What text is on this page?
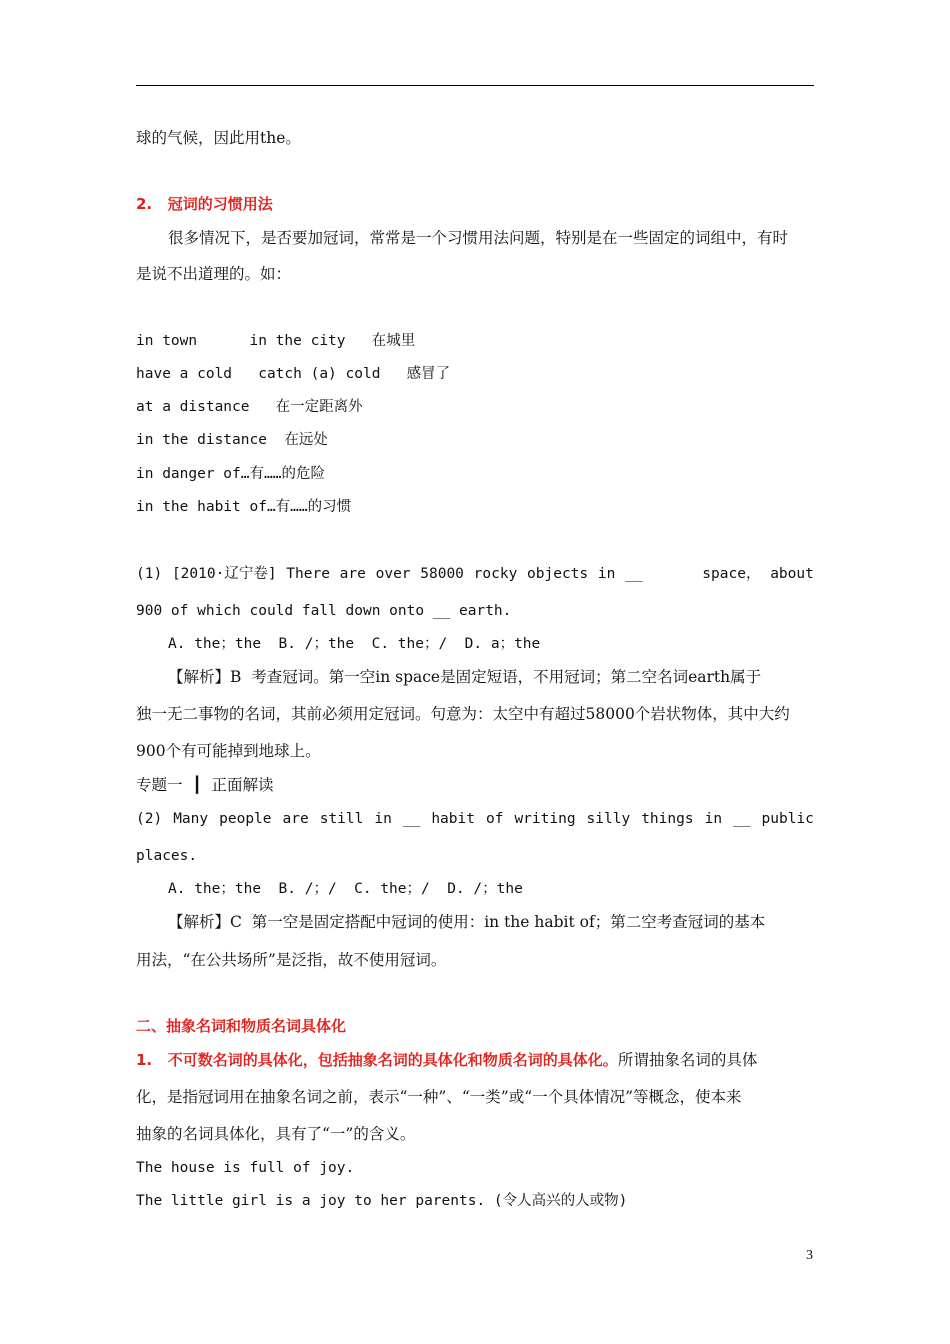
球的气候，因此用the。
2.   冠词的习惯用法
很多情况下，是否要加冠词，常常是一个习惯用法问题，特别是在一些固定的词组中，有时
是说不出道理的。如：
in town      in the city   在城里
have a cold   catch (a) cold   感冒了
at a distance   在一定距离外
in the distance  在远处
in danger of…有……的危险
in the habit of…有……的习惯
(1) [2010·辽宁卷] There are over 58000 rocky objects in __	space， about
900 of which could fall down onto __ earth.
A. the；the  B. /；the  C. the；/  D. a；the
【解析】B  考查冠词。第一空in space是固定短语，不用冠词；第二空名词earth属于
独一无二事物的名词，其前必须用定冠词。句意为：太空中有超过58000个岩状物体，其中大约
900个有可能掉到地球上。
专题一  ┃  正面解读
(2) Many people are still in __ habit of writing silly things in __ public
places.
A. the；the  B. /；/  C. the；/  D. /；the
【解析】C  第一空是固定搭配中冠词的使用：in the habit of；第二空考查冠词的基本
用法，“在公共场所”是泛指，故不使用冠词。
二、抽象名词和物质名词具体化
1.   不可数名词的具体化，包括抽象名词的具体化和物质名词的具体化。所谓抽象名词的具体
化，是指冠词用在抽象名词之前，表示“一种”、“一类”或“一个具体情况”等概念，使本来
抽象的名词具体化，具有了“一”的含义。
The house is full of joy.
The little girl is a joy to her parents. (令人高兴的人或物)
3
